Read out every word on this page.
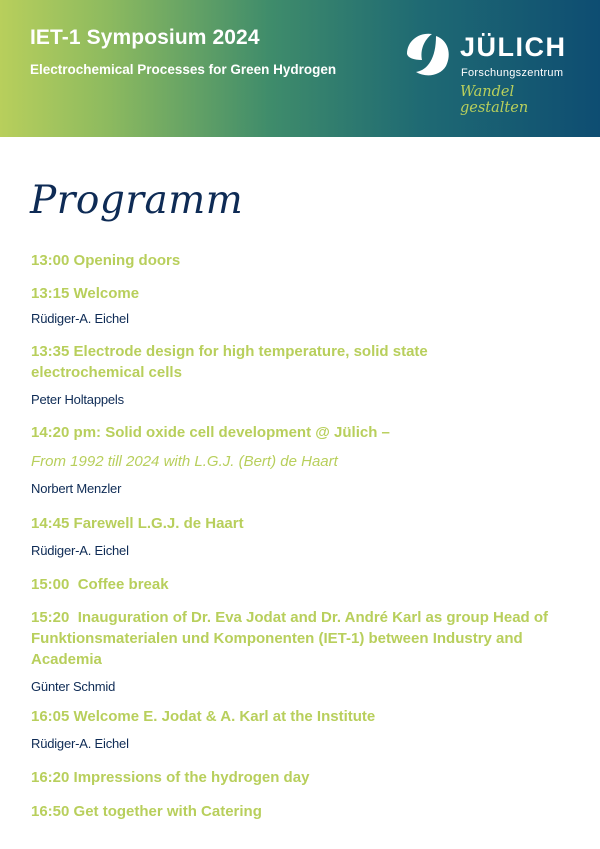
IET-1 Symposium 2024
Electrochemical Processes for Green Hydrogen
JÜLICH
Forschungszentrum
Wandel gestalten
Programm
13:00 Opening doors
13:15 Welcome
Rüdiger-A. Eichel
13:35 Electrode design for high temperature, solid state electrochemical cells
Peter Holtappels
14:20 pm: Solid oxide cell development @ Jülich –
From 1992 till 2024 with L.G.J. (Bert) de Haart
Norbert Menzler
14:45 Farewell L.G.J. de Haart
Rüdiger-A. Eichel
15:00  Coffee break
15:20  Inauguration of Dr. Eva Jodat and Dr. André Karl as group Head of Funktionsmaterialen und Komponenten (IET-1) between Industry and Academia
Günter Schmid
16:05 Welcome E. Jodat & A. Karl at the Institute
Rüdiger-A. Eichel
16:20 Impressions of the hydrogen day
16:50 Get together with Catering
